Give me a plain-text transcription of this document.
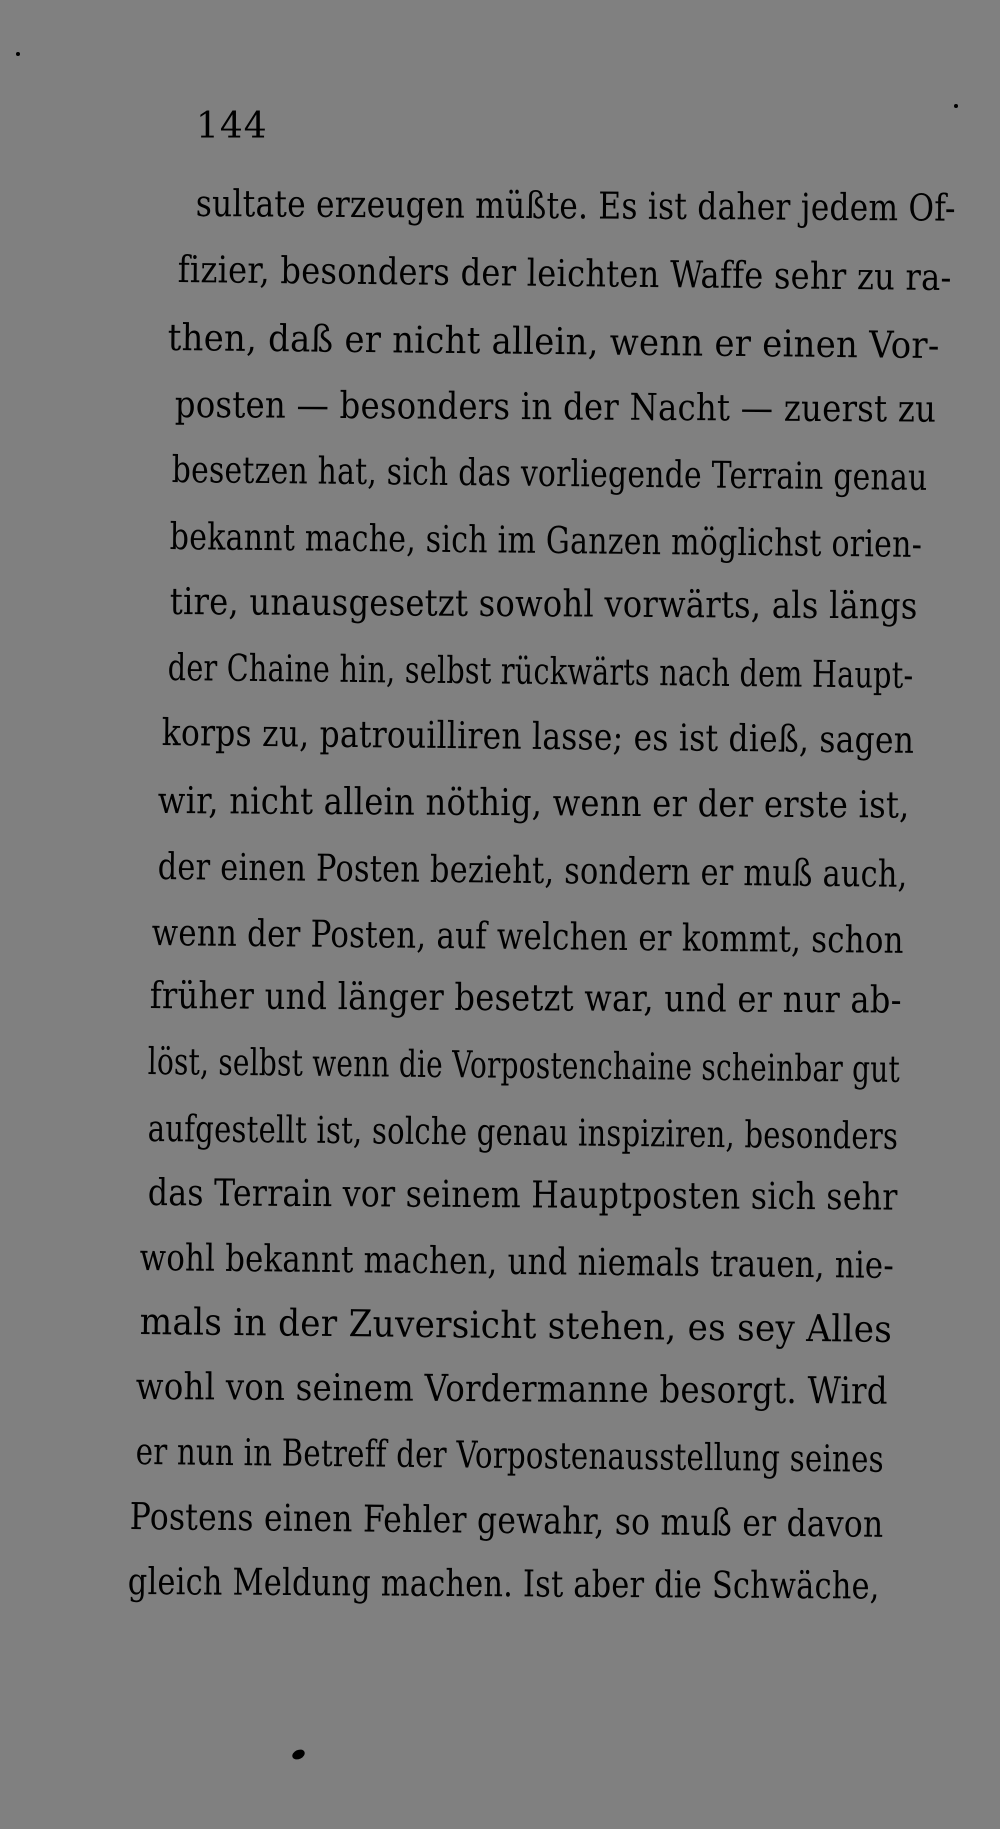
144
sultate erzeugen müßte. Es ist daher jedem Of-
fizier, besonders der leichten Waffe sehr zu ra-
then, daß er nicht allein, wenn er einen Vor-
posten — besonders in der Nacht — zuerst zu
besetzen hat, sich das vorliegende Terrain genau
bekannt mache, sich im Ganzen möglichst orien-
tire, unausgesetzt sowohl vorwärts, als längs
der Chaine hin, selbst rückwärts nach dem Haupt-
korps zu, patrouilliren lasse; es ist dieß, sagen
wir, nicht allein nöthig, wenn er der erste ist,
der einen Posten bezieht, sondern er muß auch,
wenn der Posten, auf welchen er kommt, schon
früher und länger besetzt war, und er nur ab-
löst, selbst wenn die Vorpostenchaine scheinbar gut
aufgestellt ist, solche genau inspiziren, besonders
das Terrain vor seinem Hauptposten sich sehr
wohl bekannt machen, und niemals trauen, nie-
mals in der Zuversicht stehen, es sey Alles
wohl von seinem Vordermanne besorgt. Wird
er nun in Betreff der Vorpostenausstellung seines
Postens einen Fehler gewahr, so muß er davon
gleich Meldung machen. Ist aber die Schwäche,
